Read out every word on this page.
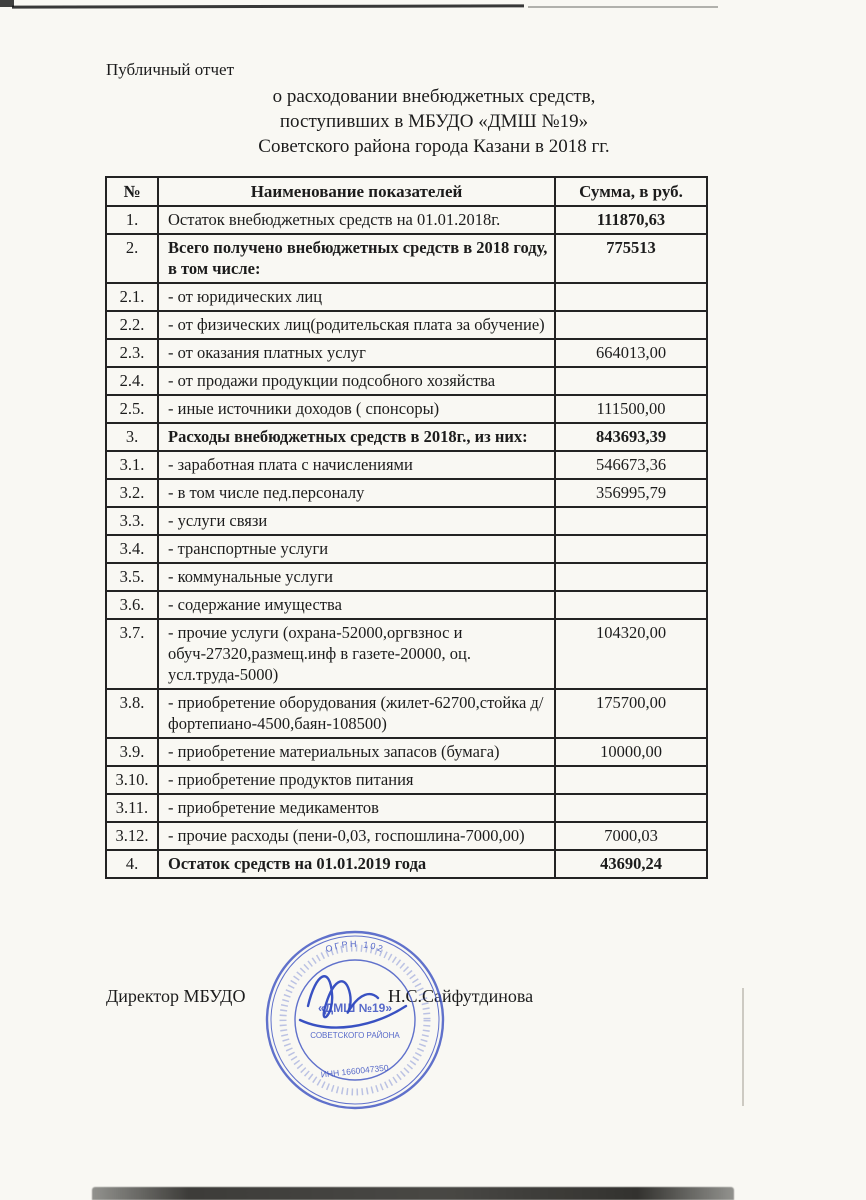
Публичный отчет
о расходовании внебюджетных средств,
поступивших в МБУДО «ДМШ №19»
Советского района города Казани в 2018 гг.
№	Наименование показателей	Сумма, в руб.
1.	Остаток внебюджетных средств на 01.01.2018г.	111870,63
2.	Всего получено внебюджетных средств в 2018 году, в том числе:	775513
2.1.	- от юридических лиц	
2.2.	- от физических лиц(родительская плата за обучение)	
2.3.	- от оказания платных услуг	664013,00
2.4.	- от продажи продукции подсобного хозяйства	
2.5.	- иные источники доходов ( спонсоры)	111500,00
3.	Расходы внебюджетных средств в 2018г., из них:	843693,39
3.1.	- заработная плата с начислениями	546673,36
3.2.	- в том числе пед.персоналу	356995,79
3.3.	- услуги связи	
3.4.	- транспортные услуги	
3.5.	- коммунальные услуги	
3.6.	- содержание имущества	
3.7.	- прочие услуги (охрана-52000,оргвзнос и обуч-27320,размещ.инф в газете-20000, оц. усл.труда-5000)	104320,00
3.8.	- приобретение оборудования (жилет-62700,стойка д/фортепиано-4500,баян-108500)	175700,00
3.9.	- приобретение материальных запасов (бумага)	10000,00
3.10.	- приобретение продуктов питания	
3.11.	- приобретение медикаментов	
3.12.	- прочие расходы (пени-0,03, госпошлина-7000,00)	7000,03
4.	Остаток средств на 01.01.2019 года	43690,24
Директор МБУДО	Н.С.Сайфутдинова
ОГРН 102
«ДМШ №19»
СОВЕТСКОГО РАЙОНА
ИНН 1660047350
